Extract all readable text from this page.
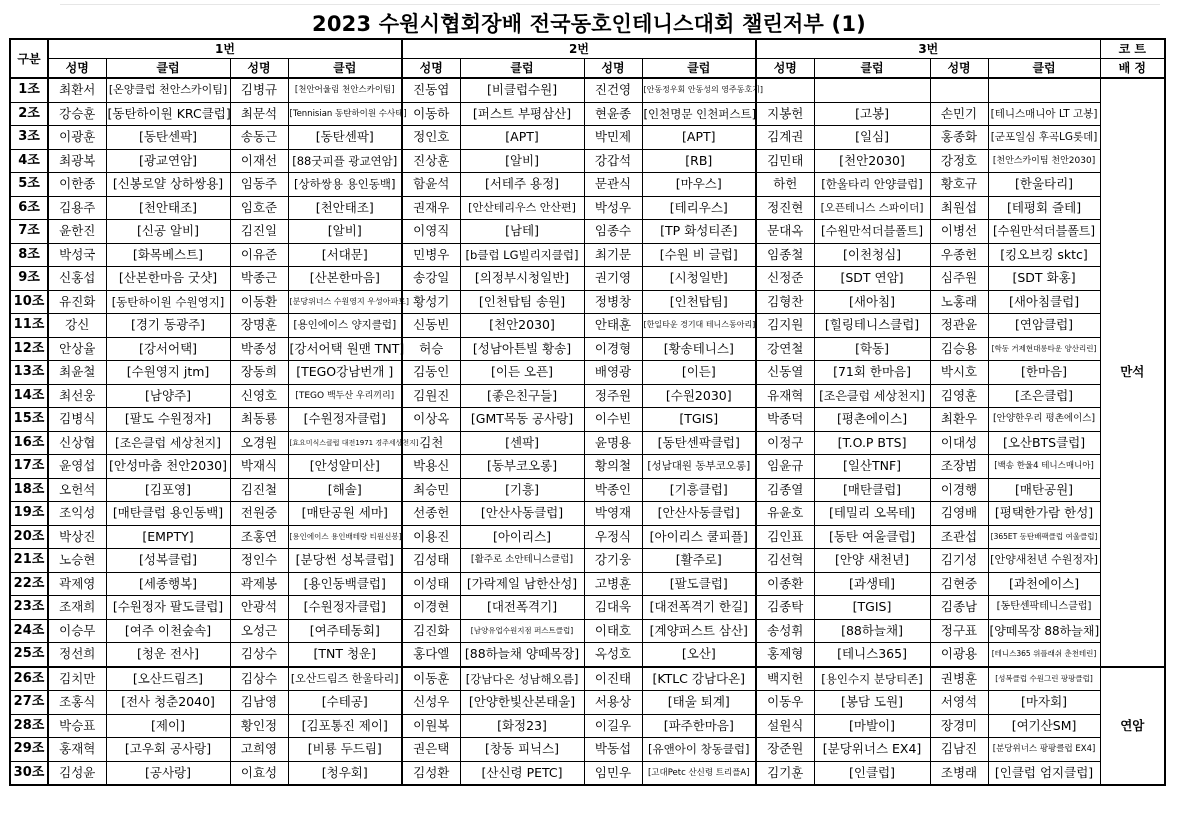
2023 수원시협회장배 전국동호인테니스대회 챌린저부 (1)
구분	1번				2번				3번				코 트
	성명	클럽	성명	클럽	성명	클럽	성명	클럽	성명	클럽	성명	클럽	배 정
1조	최환서	[온양클럽 천안스카이팀]	김병규	[천안어울림 천안스카이팀]	진동엽	[비클럽수원]	진건영	[안동정우회 안동성의 영주동호기]					만석
2조	강승훈	[동탄하이원 KRC클럽]	최문석	[Tennisian 동탄하이원 수사태]	이동하	[퍼스트 부평삼산]	현윤종	[인천명문 인천퍼스트]	지봉헌	[고봉]	손민기	[테니스매니아 LT 고봉]	
3조	이광훈	[동탄센팍]	송동근	[동탄센팍]	정인호	[APT]	박민제	[APT]	김계권	[일심]	홍종화	[군포일심 후곡LG롯데]	
4조	최광복	[광교연암]	이재선	[88굿피플 광교연암]	진상훈	[알비]	강갑석	[RB]	김민태	[천안2030]	강정호	[천안스카이팀 천안2030]	
5조	이한종	[신봉로얄 상하쌍용]	임동주	[상하쌍용 용인동백]	함윤석	[서테주 용정]	문관식	[마우스]	하헌	[한울타리 안양클럽]	황호규	[한울타리]	
6조	김용주	[천안태조]	임호준	[천안태조]	권재우	[안산테리우스 안산편]	박성우	[테리우스]	정진현	[오픈테니스 스파이더]	최원섭	[테평회 즐테]	
7조	윤한진	[신공 알비]	김진일	[알비]	이영직	[남테]	임종수	[TP 화성티존]	문대옥	[수원만석더블폴트]	이병선	[수원만석더블폴트]	
8조	박성국	[화목베스트]	이유준	[서대문]	민병우	[b클럽 LG빌리지클럽]	최기문	[수원 비 글럽]	임종철	[이천청심]	우종헌	[킹오브킹 sktc]	
9조	신홍섭	[산본한마음 굿샷]	박종근	[산본한마음]	송강일	[의정부시청일반]	권기영	[시청일반]	신정준	[SDT 연암]	심주원	[SDT 화홍]	
10조	유진화	[동탄하이원 수원영지]	이동환	[분당위너스 수원영지 우성아파트]	황성기	[인천탑팀 송원]	정병창	[인천탑팀]	김형찬	[새아침]	노홍래	[새아침클럽]	
11조	강신	[경기 동광주]	장명훈	[용인에이스 양지클럽]	신동빈	[천안2030]	안태훈	[한일타운 경기대 테니스동아리]	김지원	[힐링테니스클럽]	정관윤	[연암클럽]	
12조	안상율	[강서어택]	박종성	[강서어택 원맨 TNT]	허승	[성남아튼빌 황송]	이경형	[황송테니스]	강연철	[학동]	김승용	[학동 거제현대롱타운 양산리린]	
13조	최윤철	[수원영지 jtm]	장동희	[TEGO강남번개 ]	김동인	[이든 오픈]	배영광	[이든]	신동열	[71회 한마음]	박시호	[한마음]	
14조	최선웅	[남양주]	신영호	[TEGO 백두산 우리끼리]	김원진	[좋은친구들]	정주원	[수원2030]	유재혁	[조은클럽 세상천지]	김영훈	[조은클럽]	
15조	김병식	[팔도 수원정자]	최동룡	[수원정자클럽]	이상옥	[GMT목동 공사랑]	이수빈	[TGIS]	박종덕	[평촌에이스]	최환우	[안양한우리 평촌에이스]	
16조	신상협	[조은클럽 세상천지]	오경원	[효요미식스클럽 대전1971 경주세상천지]	김천	[센팍]	윤명용	[동탄센팍클럽]	이정구	[T.O.P BTS]	이대성	[오산BTS클럽]	
17조	윤영섭	[안성마춤 천안2030]	박재식	[안성알미산]	박용신	[동부코오롱]	황의철	[성남대원 동부코오롱]	임윤규	[일산TNF]	조장범	[백송 한울4 테니스매니아]	
18조	오헌석	[김포영]	김진철	[해솔]	최승민	[기흥]	박종인	[기흥클럽]	김종열	[매탄클럽]	이경행	[매탄공원]	
19조	조익성	[매탄클럽 용인동백]	전원중	[매탄공원 세마]	선종헌	[안산사동클럽]	박영재	[안산사동클럽]	유윤호	[테밀리 오목테]	김영배	[평택한가람 한성]	
20조	박상진	[EMPTY]	조홍연	[용인에이스 용인배테랑 티원신봉]	이용진	[아이리스]	우정식	[아이리스 쿨피플]	김인표	[동탄 여울클럽]	조관섭	[365ET 동탄배팩클럽 여울클럽]	
21조	노승현	[성복클럽]	정인수	[분당썬 성복클럽]	김성태	[활주로 소안테니스클럽]	강기웅	[활주로]	김선혁	[안양 새천년]	김기성	[안양새천년 수원정자]	
22조	곽제영	[세종행복]	곽제봉	[용인동백클럽]	이성태	[가락제일 남한산성]	고병훈	[팔도클럽]	이종환	[과생테]	김현중	[과천에이스]	
23조	조재희	[수원정자 팔도클럽]	안광석	[수원정자클럽]	이경현	[대전폭격기]	김대욱	[대전폭격기 한길]	김종탁	[TGIS]	김종남	[동탄센팍테니스클럽]	
24조	이승무	[여주 이천숲속]	오성근	[여주테동회]	김진화	[남양유업수원지점 퍼스트클럽]	이태호	[계양퍼스트 삼산]	송성휘	[88하늘채]	정구표	[양떼목장 88하늘채]	
25조	정선희	[청운 전사]	김상수	[TNT 청운]	홍다엘	[88하늘채 양떼목장]	옥성호	[오산]	홍제형	[테니스365]	이광용	[테니스365 위플래쉬 춘천테린]	
26조	김치만	[오산드림즈]	김상수	[오산드림즈 한울타리]	이동훈	[강남다온 성남해오름]	이진태	[KTLC 강남다온]	백지헌	[용인수지 분당티존]	권병훈	[성복클럽 수원그린 팡팡클럽]	연암
27조	조홍식	[전사 청춘2040]	김남영	[수테공]	신성우	[안양한빛산본태울]	서용상	[태울 퇴계]	이동우	[봉담 도원]	서영석	[마자회]	
28조	박승표	[제이]	황인정	[김포통진 제이]	이원복	[화정23]	이길우	[파주한마음]	설원식	[마발이]	장경미	[여기산SM]	
29조	홍재혁	[고우회 공사랑]	고희영	[비룡 두드림]	권은택	[창동 피닉스]	박동섭	[유앤아이 창동클럽]	장준원	[분당위너스 EX4]	김남진	[분당위너스 팡팡클럽 EX4]	
30조	김성윤	[공사랑]	이효성	[청우회]	김성환	[산신령 PETC]	임민우	[고대Petc 산신령 트리플A]	김기훈	[인클럽]	조병래	[인클럽 엄지클럽]	
